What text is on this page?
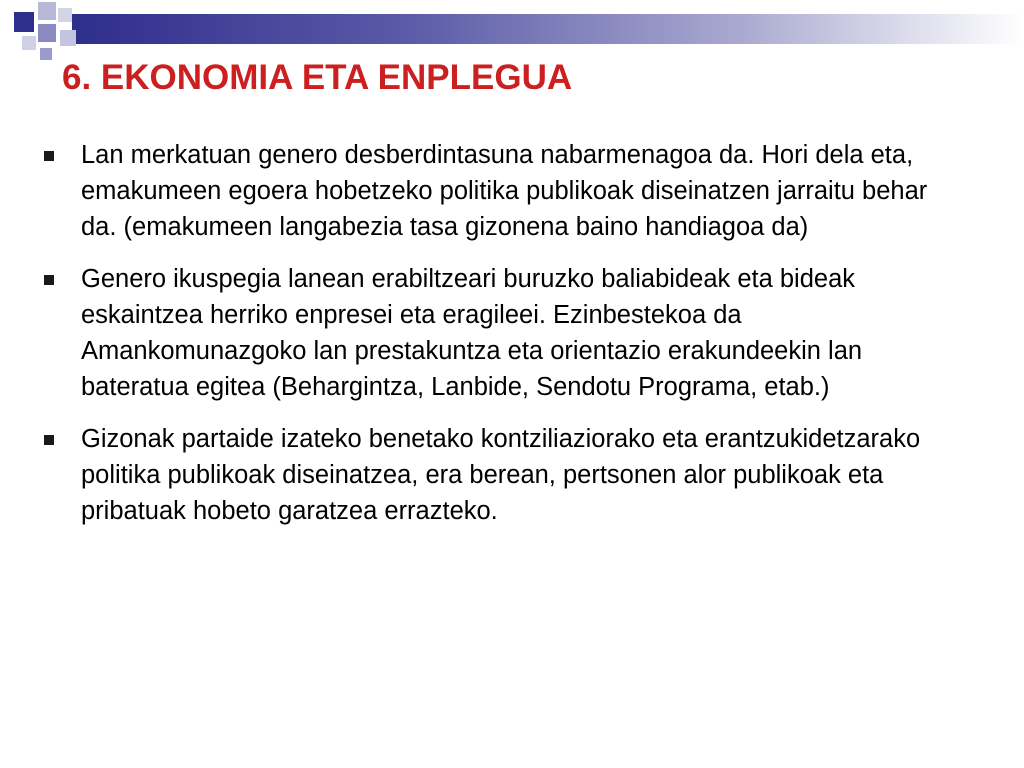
6. EKONOMIA ETA ENPLEGUA
Lan merkatuan genero desberdintasuna nabarmenagoa da. Hori dela eta, emakumeen egoera hobetzeko politika publikoak diseinatzen jarraitu behar da. (emakumeen langabezia tasa gizonena baino handiagoa da)
Genero ikuspegia lanean erabiltzeari buruzko baliabideak eta bideak eskaintzea herriko enpresei eta eragileei. Ezinbestekoa da Amankomunazgoko lan prestakuntza eta orientazio erakundeekin lan bateratua egitea (Behargintza, Lanbide, Sendotu Programa, etab.)
Gizonak partaide izateko benetako kontziliaziorako eta erantzukidetzarako politika publikoak diseinatzea, era berean, pertsonen alor publikoak eta pribatuak hobeto garatzea errazteko.
